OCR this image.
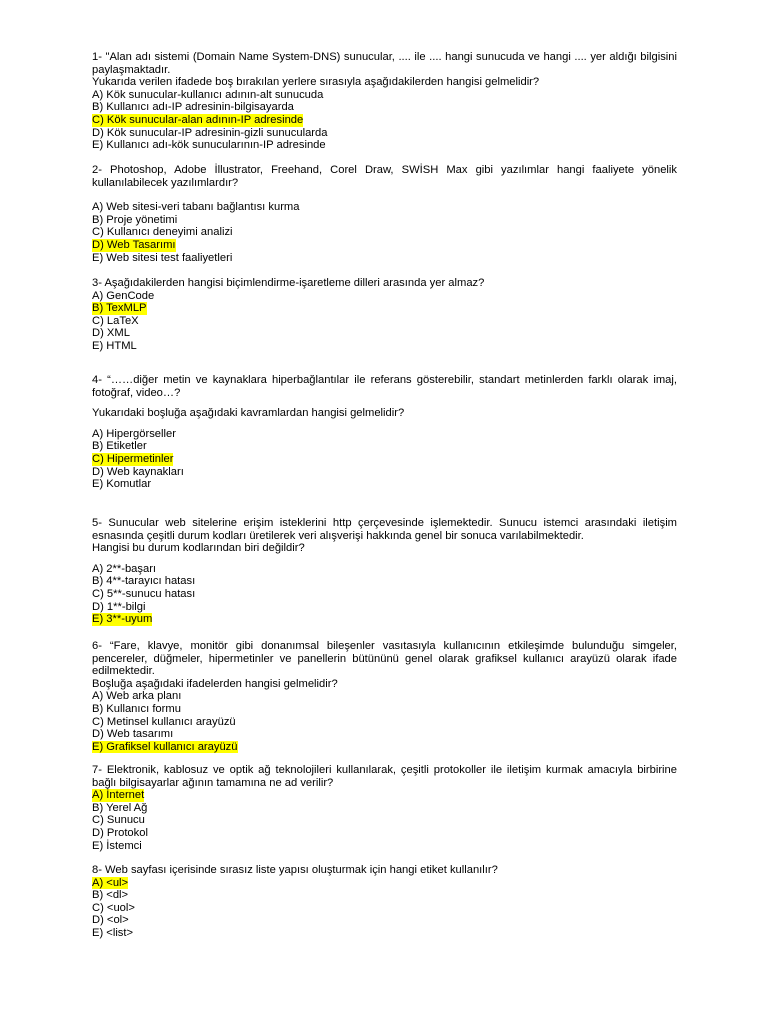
1- "Alan adı sistemi (Domain Name System-DNS) sunucular, .... ile .... hangi sunucuda ve hangi .... yer aldığı bilgisini paylaşmaktadır.

Yukarıda verilen ifadede boş bırakılan yerlere sırasıyla aşağıdakilerden hangisi gelmelidir?

A) Kök sunucular-kullanıcı adının-alt sunucuda
B) Kullanıcı adı-IP adresinin-bilgisayarda
C) Kök sunucular-alan adının-IP adresinde
D) Kök sunucular-IP adresinin-gizli sunucularda
E) Kullanıcı adı-kök sunucularının-IP adresinde

2- Photoshop, Adobe İllustrator, Freehand, Corel Draw, SWİSH Max gibi yazılımlar hangi faaliyete yönelik kullanılabilecek yazılımlardır?

A) Web sitesi-veri tabanı bağlantısı kurma
B) Proje yönetimi
C) Kullanıcı deneyimi analizi
D) Web Tasarımı
E) Web sitesi test faaliyetleri

3- Aşağıdakilerden hangisi biçimlendirme-işaretleme dilleri arasında yer almaz?

A) GenCode
B) TexMLP
C) LaTeX
D) XML
E) HTML

4- “……diğer metin ve kaynaklara hiperbağlantılar ile referans gösterebilir, standart metinlerden farklı olarak imaj, fotoğraf, video…?

Yukarıdaki boşluğa aşağıdaki kavramlardan hangisi gelmelidir?

A) Hipergörseller
B) Etiketler
C) Hipermetinler
D) Web kaynakları
E) Komutlar

5- Sunucular web sitelerine erişim isteklerini http çerçevesinde işlemektedir. Sunucu istemci arasındaki iletişim esnasında çeşitli durum kodları üretilerek veri alışverişi hakkında genel bir sonuca varılabilmektedir.

Hangisi bu durum kodlarından biri değildir?

A) 2**-başarı
B) 4**-tarayıcı hatası
C) 5**-sunucu hatası
D) 1**-bilgi
E) 3**-uyum

6- “Fare, klavye, monitör gibi donanımsal bileşenler vasıtasıyla kullanıcının etkileşimde bulunduğu simgeler, pencereler, düğmeler, hipermetinler ve panellerin bütününü genel olarak grafiksel kullanıcı arayüzü olarak ifade edilmektedir.

Boşluğa aşağıdaki ifadelerden hangisi gelmelidir?

A) Web arka planı
B) Kullanıcı formu
C) Metinsel kullanıcı arayüzü
D) Web tasarımı
E) Grafiksel kullanıcı arayüzü

7- Elektronik, kablosuz ve optik ağ teknolojileri kullanılarak, çeşitli protokoller ile iletişim kurmak amacıyla birbirine bağlı bilgisayarlar ağının tamamına ne ad verilir?

A) İnternet
B) Yerel Ağ
C) Sunucu
D) Protokol
E) İstemci

8- Web sayfası içerisinde sırasız liste yapısı oluşturmak için hangi etiket kullanılır?

A) <ul>
B) <dl>
C) <uol>
D) <ol>
E) <list>
